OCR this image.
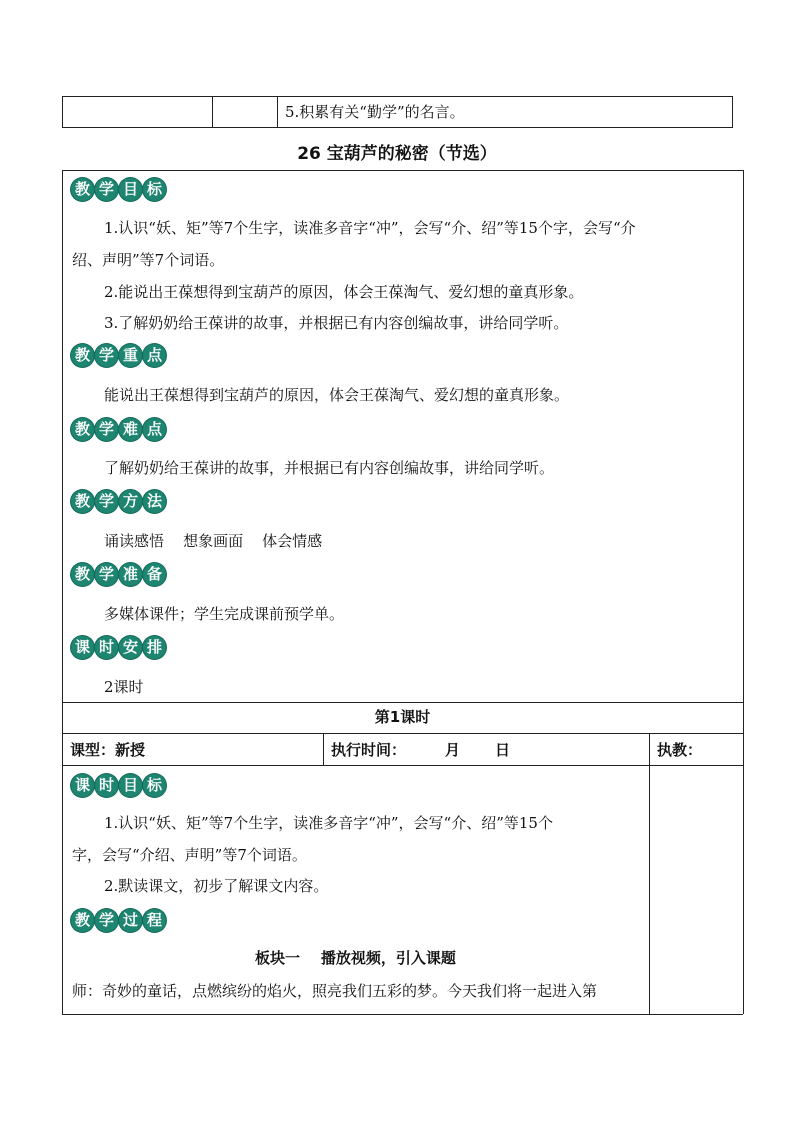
5.积累有关“勤学”的名言。
26 宝葫芦的秘密（节选）
教 学 目 标
1.认识“妖、矩”等7个生字，读准多音字“冲”，会写“介、绍”等15个字，会写“介
绍、声明”等7个词语。
2.能说出王葆想得到宝葫芦的原因，体会王葆淘气、爱幻想的童真形象。
3.了解奶奶给王葆讲的故事，并根据已有内容创编故事，讲给同学听。
教 学 重 点
能说出王葆想得到宝葫芦的原因，体会王葆淘气、爱幻想的童真形象。
教 学 难 点
了解奶奶给王葆讲的故事，并根据已有内容创编故事，讲给同学听。
教 学 方 法
诵读感悟    想象画面    体会情感
教 学 准 备
多媒体课件；学生完成课前预学单。
课 时 安 排
2课时
第1课时
课型：新授	执行时间：	月 日	执教：
课 时 目 标
1.认识“妖、矩”等7个生字，读准多音字“冲”，会写“介、绍”等15个
字，会写“介绍、声明”等7个词语。
2.默读课文，初步了解课文内容。
教 学 过 程
板块一    播放视频，引入课题
师：奇妙的童话，点燃缤纷的焰火，照亮我们五彩的梦。今天我们将一起进入第
